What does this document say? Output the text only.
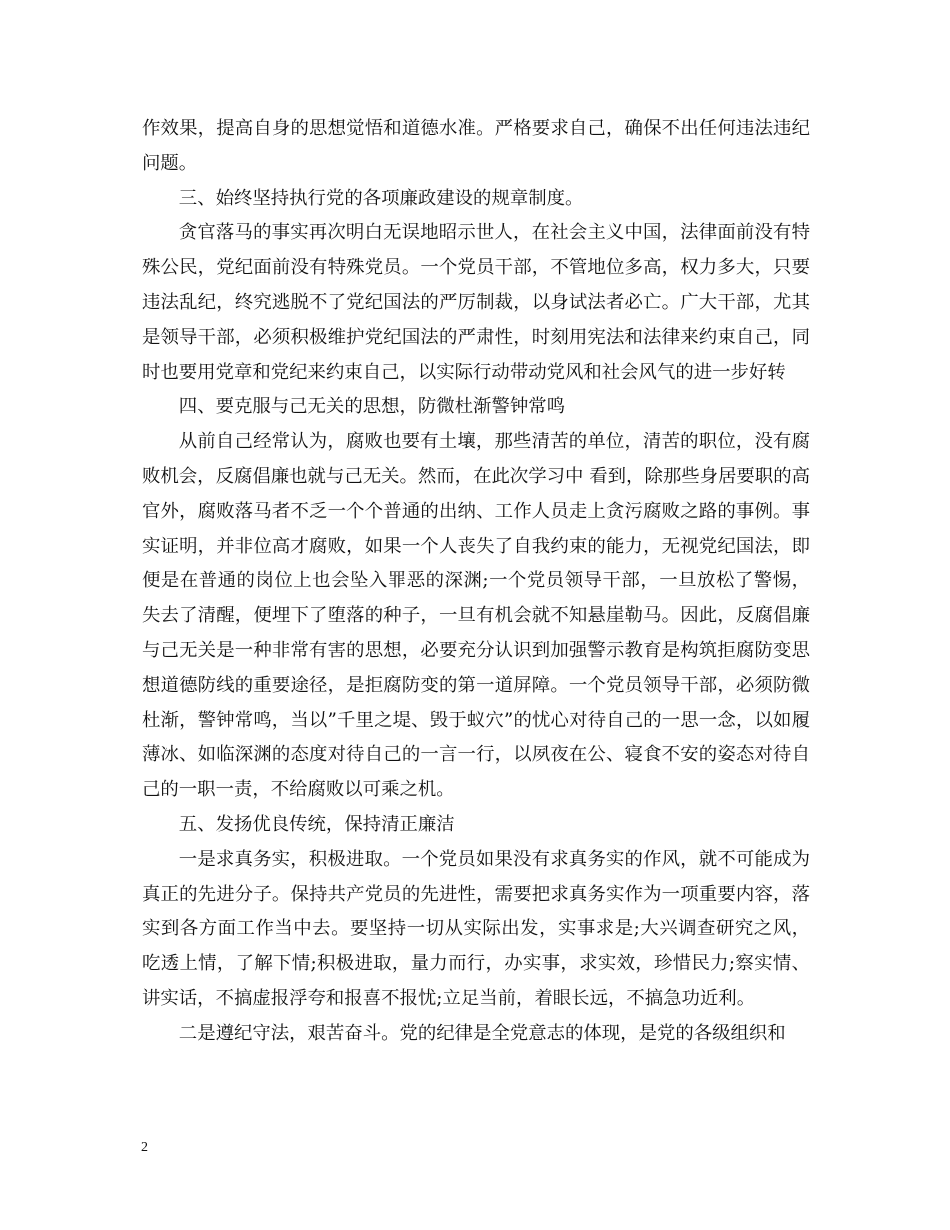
作效果，提高自身的思想觉悟和道德水准。严格要求自己，确保不出任何违法违纪问题。

三、始终坚持执行党的各项廉政建设的规章制度。

贪官落马的事实再次明白无误地昭示世人，在社会主义中国，法律面前没有特殊公民，党纪面前没有特殊党员。一个党员干部，不管地位多高，权力多大，只要违法乱纪，终究逃脱不了党纪国法的严厉制裁，以身试法者必亡。广大干部，尤其是领导干部，必须积极维护党纪国法的严肃性，时刻用宪法和法律来约束自己，同时也要用党章和党纪来约束自己，以实际行动带动党风和社会风气的进一步好转

四、要克服与己无关的思想，防微杜渐警钟常鸣

从前自己经常认为，腐败也要有土壤，那些清苦的单位，清苦的职位，没有腐败机会，反腐倡廉也就与己无关。然而，在此次学习中 看到，除那些身居要职的高官外，腐败落马者不乏一个个普通的出纳、工作人员走上贪污腐败之路的事例。事实证明，并非位高才腐败，如果一个人丧失了自我约束的能力，无视党纪国法，即便是在普通的岗位上也会坠入罪恶的深渊;一个党员领导干部，一旦放松了警惕，失去了清醒，便埋下了堕落的种子，一旦有机会就不知悬崖勒马。因此，反腐倡廉与己无关是一种非常有害的思想，必要充分认识到加强警示教育是构筑拒腐防变思想道德防线的重要途径，是拒腐防变的第一道屏障。一个党员领导干部，必须防微杜渐，警钟常鸣，当以”千里之堤、毁于蚁穴”的忧心对待自己的一思一念，以如履薄冰、如临深渊的态度对待自己的一言一行，以夙夜在公、寝食不安的姿态对待自己的一职一责，不给腐败以可乘之机。

五、发扬优良传统，保持清正廉洁

一是求真务实，积极进取。一个党员如果没有求真务实的作风，就不可能成为真正的先进分子。保持共产党员的先进性，需要把求真务实作为一项重要内容，落实到各方面工作当中去。要坚持一切从实际出发，实事求是;大兴调查研究之风，吃透上情，了解下情;积极进取，量力而行，办实事，求实效，珍惜民力;察实情、讲实话，不搞虚报浮夸和报喜不报忧;立足当前，着眼长远，不搞急功近利。

二是遵纪守法，艰苦奋斗。党的纪律是全党意志的体现，是党的各级组织和

2
